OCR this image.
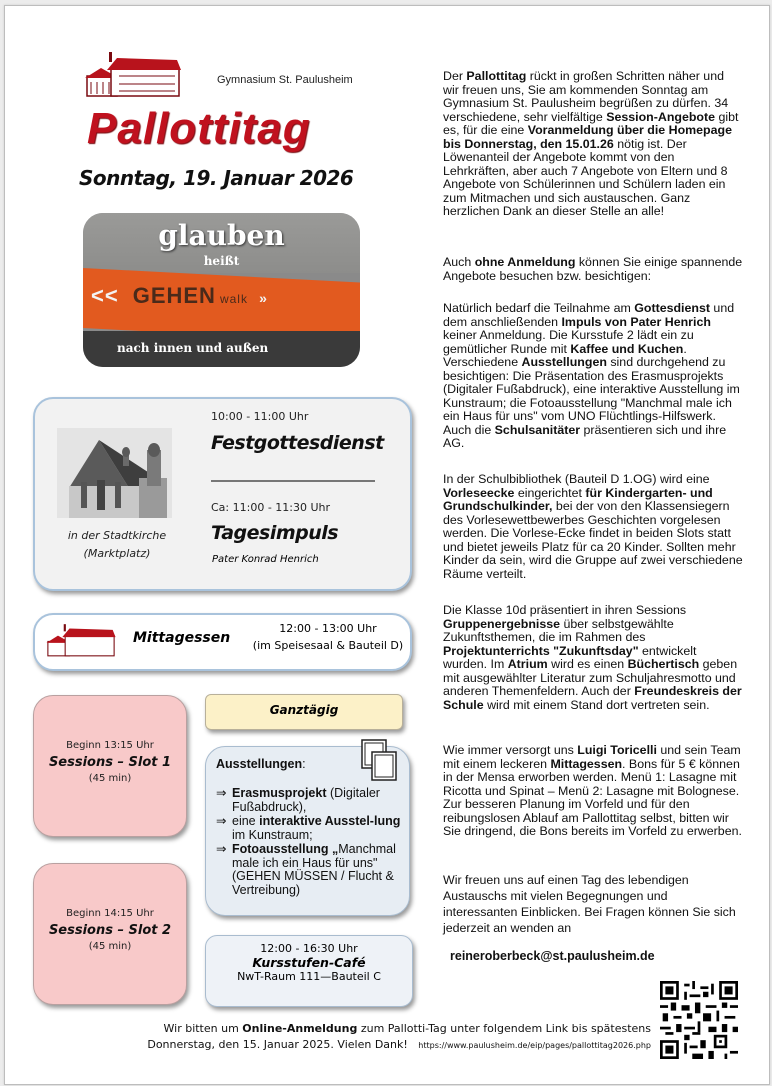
Gymnasium St. Paulusheim
Pallottitag
Sonntag, 19. Januar 2026
glauben
heißt
<< GEHEN walk »
nach innen und außen
in der Stadtkirche
(Marktplatz)
10:00 - 11:00 Uhr
Festgottesdienst
Ca: 11:00 - 11:30 Uhr
Tagesimpuls
Pater Konrad Henrich
Mittagessen
12:00 - 13:00 Uhr
(im Speisesaal & Bauteil D)
Beginn 13:15 Uhr
Sessions – Slot 1
(45 min)
Beginn 14:15 Uhr
Sessions – Slot 2
(45 min)
Ganztägig
Ausstellungen:
⇒ Erasmusprojekt (Digitaler Fußabdruck),
⇒ eine interaktive Ausstel-lung im Kunstraum;
⇒ Fotoausstellung „Manchmal male ich ein Haus für uns" (GEHEN MÜSSEN / Flucht & Vertreibung)
12:00 - 16:30 Uhr
Kursstufen-Café
NwT-Raum 111—Bauteil C

Der Pallottitag rückt in großen Schritten näher und wir freuen uns, Sie am kommenden Sonntag am Gymnasium St. Paulusheim begrüßen zu dürfen. 34 verschiedene, sehr vielfältige Session-Angebote gibt es, für die eine Voranmeldung über die Homepage bis Donnerstag, den 15.01.26 nötig ist. Der Löwenanteil der Angebote kommt von den Lehrkräften, aber auch 7 Angebote von Eltern und 8 Angebote von Schülerinnen und Schülern laden ein zum Mitmachen und sich austauschen. Ganz herzlichen Dank an dieser Stelle an alle!

Auch ohne Anmeldung können Sie einige spannende Angebote besuchen bzw. besichtigen:

Natürlich bedarf die Teilnahme am Gottesdienst und dem anschließenden Impuls von Pater Henrich keiner Anmeldung. Die Kursstufe 2 lädt ein zu gemütlicher Runde mit Kaffee und Kuchen. Verschiedene Ausstellungen sind durchgehend zu besichtigen: Die Präsentation des Erasmusprojekts (Digitaler Fußabdruck), eine interaktive Ausstellung im Kunstraum; die Fotoausstellung "Manchmal male ich ein Haus für uns" vom UNO Flüchtlings-Hilfswerk. Auch die Schulsanitäter präsentieren sich und ihre AG.

In der Schulbibliothek (Bauteil D 1.OG) wird eine Vorleseecke eingerichtet für Kindergarten- und Grundschulkinder, bei der von den Klassensiegern des Vorlesewettbewerbes Geschichten vorgelesen werden. Die Vorlese-Ecke findet in beiden Slots statt und bietet jeweils Platz für ca 20 Kinder. Sollten mehr Kinder da sein, wird die Gruppe auf zwei verschiedene Räume verteilt.

Die Klasse 10d präsentiert in ihren Sessions Gruppenergebnisse über selbstgewählte Zukunftsthemen, die im Rahmen des Projektunterrichts "Zukunftsday" entwickelt wurden. Im Atrium wird es einen Büchertisch geben mit ausgewählter Literatur zum Schuljahresmotto und anderen Themenfeldern. Auch der Freundeskreis der Schule wird mit einem Stand dort vertreten sein.

Wie immer versorgt uns Luigi Toricelli und sein Team mit einem leckeren Mittagessen. Bons für 5 € können in der Mensa erworben werden. Menü 1: Lasagne mit Ricotta und Spinat – Menü 2: Lasagne mit Bolognese. Zur besseren Planung im Vorfeld und für den reibungslosen Ablauf am Pallottitag selbst, bitten wir Sie dringend, die Bons bereits im Vorfeld zu erwerben.

Wir freuen uns auf einen Tag des lebendigen Austauschs mit vielen Begegnungen und interessanten Einblicken. Bei Fragen können Sie sich jederzeit an wenden an
reineroberbeck@st.paulusheim.de
Wir bitten um Online-Anmeldung zum Pallotti-Tag unter folgendem Link bis spätestens
Donnerstag, den 15. Januar 2025. Vielen Dank! https://www.paulusheim.de/eip/pages/pallottitag2026.php
